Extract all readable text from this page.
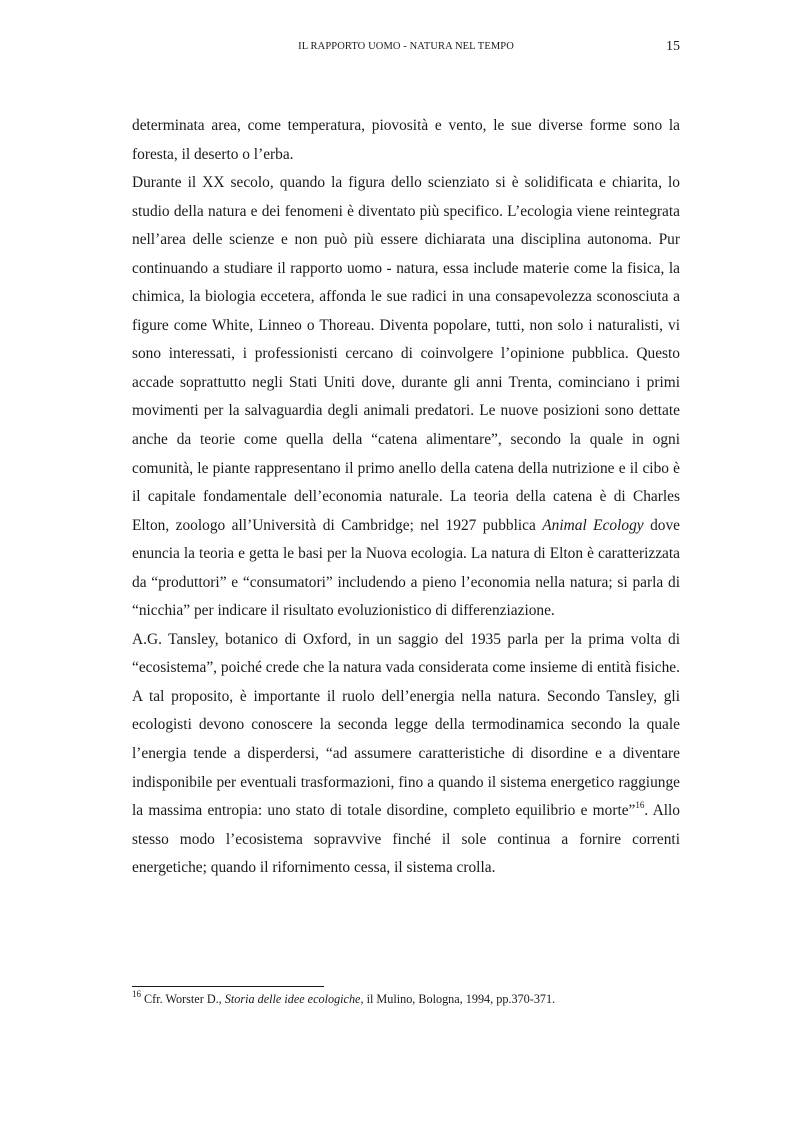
IL RAPPORTO UOMO - NATURA NEL TEMPO	15

determinata area, come temperatura, piovosità e vento, le sue diverse forme sono la foresta, il deserto o l’erba.

Durante il XX secolo, quando la figura dello scienziato si è solidificata e chiarita, lo studio della natura e dei fenomeni è diventato più specifico. L’ecologia viene reintegrata nell’area delle scienze e non può più essere dichiarata una disciplina autonoma. Pur continuando a studiare il rapporto uomo - natura, essa include materie come la fisica, la chimica, la biologia eccetera, affonda le sue radici in una consapevolezza sconosciuta a figure come White, Linneo o Thoreau. Diventa popolare, tutti, non solo i naturalisti, vi sono interessati, i professionisti cercano di coinvolgere l’opinione pubblica. Questo accade soprattutto negli Stati Uniti dove, durante gli anni Trenta, cominciano i primi movimenti per la salvaguardia degli animali predatori. Le nuove posizioni sono dettate anche da teorie come quella della “catena alimentare”, secondo la quale in ogni comunità, le piante rappresentano il primo anello della catena della nutrizione e il cibo è il capitale fondamentale dell’economia naturale. La teoria della catena è di Charles Elton, zoologo all’Università di Cambridge; nel 1927 pubblica Animal Ecology dove enuncia la teoria e getta le basi per la Nuova ecologia. La natura di Elton è caratterizzata da “produttori” e “consumatori” includendo a pieno l’economia nella natura; si parla di “nicchia” per indicare il risultato evoluzionistico di differenziazione.

A.G. Tansley, botanico di Oxford, in un saggio del 1935 parla per la prima volta di “ecosistema”, poiché crede che la natura vada considerata come insieme di entità fisiche. A tal proposito, è importante il ruolo dell’energia nella natura. Secondo Tansley, gli ecologisti devono conoscere la seconda legge della termodinamica secondo la quale l’energia tende a disperdersi, “ad assumere caratteristiche di disordine e a diventare indisponibile per eventuali trasformazioni, fino a quando il sistema energetico raggiunge la massima entropia: uno stato di totale disordine, completo equilibrio e morte”$^{16}$. Allo stesso modo l’ecosistema sopravvive finché il sole continua a fornire correnti energetiche; quando il rifornimento cessa, il sistema crolla.

$^{16}$ Cfr. Worster D., Storia delle idee ecologiche, il Mulino, Bologna, 1994, pp.370-371.
